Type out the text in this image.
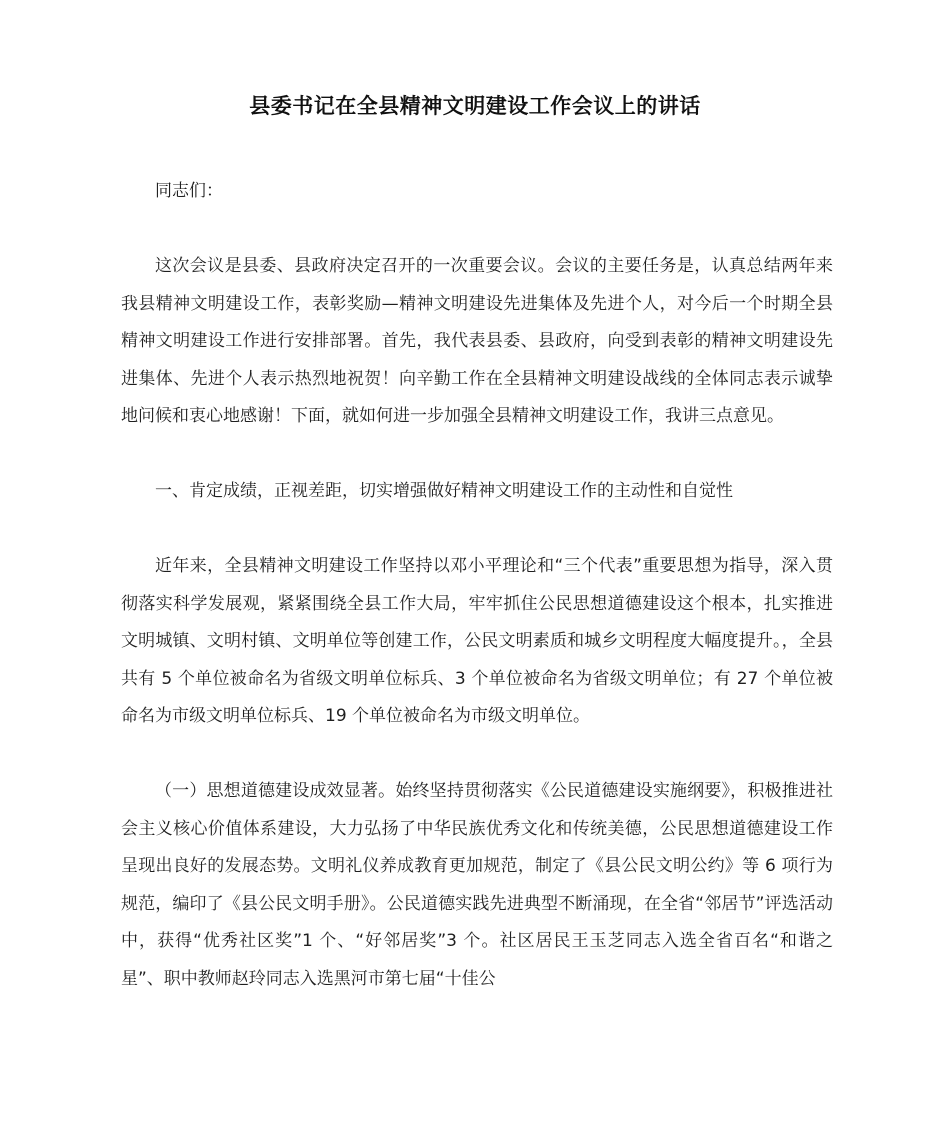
县委书记在全县精神文明建设工作会议上的讲话

同志们：

这次会议是县委、县政府决定召开的一次重要会议。会议的主要任务是，认真总结两年来我县精神文明建设工作，表彰奖励—精神文明建设先进集体及先进个人，对今后一个时期全县精神文明建设工作进行安排部署。首先，我代表县委、县政府，向受到表彰的精神文明建设先进集体、先进个人表示热烈地祝贺！向辛勤工作在全县精神文明建设战线的全体同志表示诚挚地问候和衷心地感谢！下面，就如何进一步加强全县精神文明建设工作，我讲三点意见。

一、肯定成绩，正视差距，切实增强做好精神文明建设工作的主动性和自觉性

近年来，全县精神文明建设工作坚持以邓小平理论和“三个代表”重要思想为指导，深入贯彻落实科学发展观，紧紧围绕全县工作大局，牢牢抓住公民思想道德建设这个根本，扎实推进文明城镇、文明村镇、文明单位等创建工作，公民文明素质和城乡文明程度大幅度提升。，全县共有 5 个单位被命名为省级文明单位标兵、3 个单位被命名为省级文明单位；有 27 个单位被命名为市级文明单位标兵、19 个单位被命名为市级文明单位。

（一）思想道德建设成效显著。始终坚持贯彻落实《公民道德建设实施纲要》，积极推进社会主义核心价值体系建设，大力弘扬了中华民族优秀文化和传统美德，公民思想道德建设工作呈现出良好的发展态势。文明礼仪养成教育更加规范，制定了《县公民文明公约》等 6 项行为规范，编印了《县公民文明手册》。公民道德实践先进典型不断涌现，在全省“邻居节”评选活动中，获得“优秀社区奖”1 个、“好邻居奖”3 个。社区居民王玉芝同志入选全省百名“和谐之星”、职中教师赵玲同志入选黑河市第七届“十佳公
